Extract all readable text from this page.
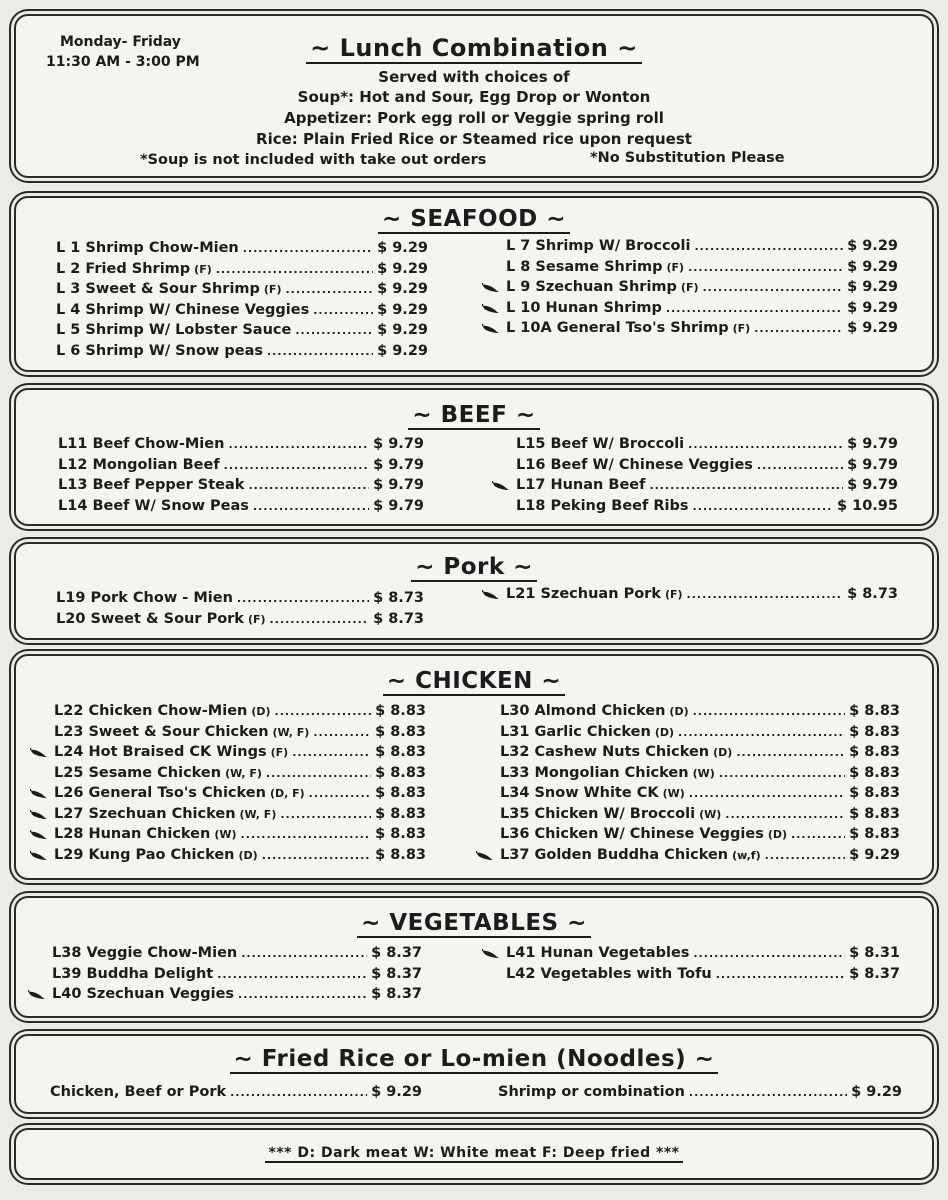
Monday- Friday
11:30 AM - 3:00 PM	~ Lunch Combination ~
Served with choices of
Soup*: Hot and Sour, Egg Drop or Wonton
Appetizer: Pork egg roll or Veggie spring roll
Rice: Plain Fried Rice or Steamed rice upon request
*Soup is not included with take out orders	*No Substitution Please
~ SEAFOOD ~
L 1 Shrimp Chow-Mien .....	$ 9.29
L 2 Fried Shrimp (F) .....	$ 9.29
L 3 Sweet & Sour Shrimp (F) .....	$ 9.29
L 4 Shrimp W/ Chinese Veggies .....	$ 9.29
L 5 Shrimp W/ Lobster Sauce .....	$ 9.29
L 6 Shrimp W/ Snow peas .....	$ 9.29
L 7 Shrimp W/ Broccoli .....	$ 9.29
L 8 Sesame Shrimp (F) .....	$ 9.29
L 9 Szechuan Shrimp (F) .....	$ 9.29
L 10 Hunan Shrimp .....	$ 9.29
L 10A General Tso's Shrimp (F) .....	$ 9.29
~ BEEF ~
L11 Beef Chow-Mien .....	$ 9.79
L12 Mongolian Beef .....	$ 9.79
L13 Beef Pepper Steak .....	$ 9.79
L14 Beef W/ Snow Peas .....	$ 9.79
L15 Beef W/ Broccoli .....	$ 9.79
L16 Beef W/ Chinese Veggies .....	$ 9.79
L17 Hunan Beef .....	$ 9.79
L18 Peking Beef Ribs .....	$ 10.95
~ Pork ~
L19 Pork Chow - Mien .....	$ 8.73
L20 Sweet & Sour Pork (F) .....	$ 8.73
L21 Szechuan Pork (F) .....	$ 8.73
~ CHICKEN ~
L22 Chicken Chow-Mien (D) .....	$ 8.83
L23 Sweet & Sour Chicken (W, F) .....	$ 8.83
L24 Hot Braised CK Wings (F) .....	$ 8.83
L25 Sesame Chicken (W, F) .....	$ 8.83
L26 General Tso's Chicken (D, F) .....	$ 8.83
L27 Szechuan Chicken (W, F) .....	$ 8.83
L28 Hunan Chicken (W) .....	$ 8.83
L29 Kung Pao Chicken (D) .....	$ 8.83
L30 Almond Chicken (D) .....	$ 8.83
L31 Garlic Chicken (D) .....	$ 8.83
L32 Cashew Nuts Chicken (D) .....	$ 8.83
L33 Mongolian Chicken (W) .....	$ 8.83
L34 Snow White CK (W) .....	$ 8.83
L35 Chicken W/ Broccoli (W) .....	$ 8.83
L36 Chicken W/ Chinese Veggies (D) .....	$ 8.83
L37 Golden Buddha Chicken (w,f) .....	$ 9.29
~ VEGETABLES ~
L38 Veggie Chow-Mien .....	$ 8.37
L39 Buddha Delight .....	$ 8.37
L40 Szechuan Veggies .....	$ 8.37
L41 Hunan Vegetables .....	$ 8.31
L42 Vegetables with Tofu .....	$ 8.37
~ Fried Rice or Lo-mien (Noodles) ~
Chicken, Beef or Pork .....	$ 9.29	Shrimp or combination .....	$ 9.29
*** D: Dark meat W: White meat F: Deep fried ***
